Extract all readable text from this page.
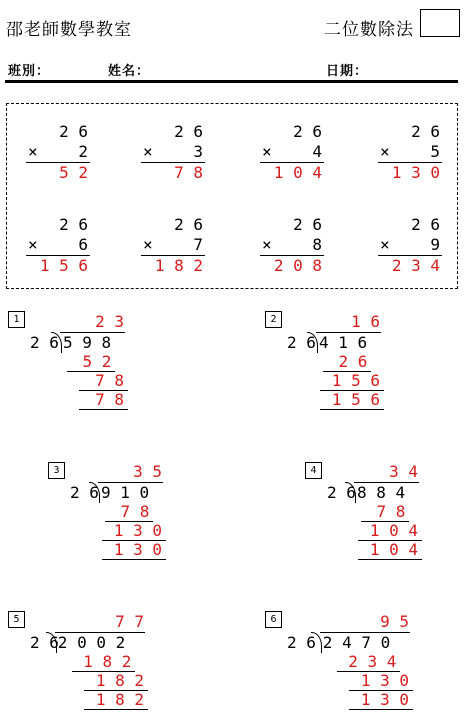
邵老師數學教室	二位數除法
班別：	姓名：	日期：
2 6
×	2
5 2
2 6
×	3
7 8
2 6
×	4
1 0 4
2 6
×	5
1 3 0
2 6
×	6
1 5 6
2 6
×	7
1 8 2
2 6
×	8
2 0 8
2 6
×	9
2 3 4
1	2 3
2 6 5 9 8
5 2
7 8
7 8
2	1 6
2 6 4 1 6
2 6
1 5 6
1 5 6
3	3 5
2 6 9 1 0
7 8
1 3 0
1 3 0
4	3 4
2 6 8 8 4
7 8
1 0 4
1 0 4
5	7 7
2 6
2 0 0 2
1 8 2
1 8 2
1 8 2
6	9 5
2 6 2 4 7 0
2 3 4
1 3 0
1 3 0
